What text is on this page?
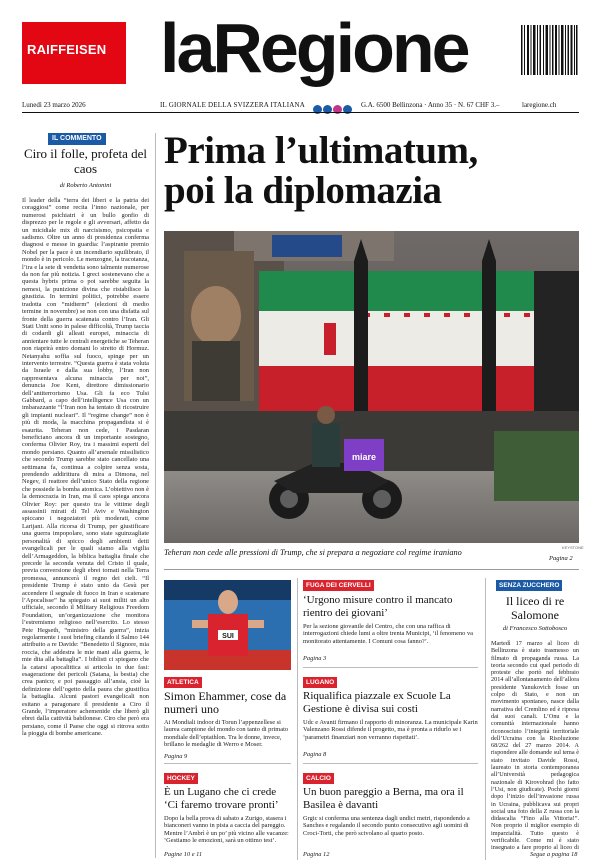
RAIFFEISEN laRegione
Lunedì 23 marzo 2026	IL GIORNALE DELLA SVIZZERA ITALIANA	G.A. 6500 Bellinzona · Anno 35 · N. 67 CHF 3.–	laregione.ch
IL COMMENTO
Ciro il folle, profeta del caos
di Roberto Antonini
Il leader della “terra dei liberi e la patria dei coraggiosi” come recita l’inno nazionale, per numerosi psichiatri è un bullo gonfio di disprezzo per le regole e gli avversari, affetto da un micidiale mix di narcisismo, psicopatia e sadismo. Oltre un anno di presidenza conferma diagnosi e messe in guardia: l’aspirante premio Nobel per la pace è un incendiario squilibrato, il mondo è in pericolo. Le menzogne, la tracotanza, l’ira e la sete di vendetta sono talmente numerose da non far più notizia. I greci sostenevano che a questa hybris prima o poi sarebbe seguita la nemesi, la punizione divina che ristabilisce la giustizia. In termini politici, potrebbe essere tradotta con “midterm” (elezioni di medio termine in novembre) se non con una disfatta sul fronte della guerra scatenata contro l’Iran. Gli Stati Uniti sono in palese difficoltà, Trump taccia di codardi gli alleati europei, minaccia di annientare tutte le centrali energetiche se Teheran non riaprirà entro domani lo stretto di Hormuz. Netanyahu soffia sul fuoco, spinge per un intervento terrestre. “Questa guerra è stata voluta da Israele e dalla sua lobby, l’Iran non rappresentava alcuna minaccia per noi”, denuncia Joe Kent, direttore dimissionario dell’antiterrorismo Usa. Gli fa eco Tulsi Gabbard, a capo dell’intelligence Usa con un imbarazzante “l’Iran non ha tentato di ricostruire gli impianti nucleari”. Il “regime change” non è più di moda, la macchina propagandista si è esaurita. Teheran non cede, i Pasdaran beneficiano ancora di un importante sostegno, conferma Olivier Roy, tra i massimi esperti del mondo persiano. Quanto all’arsenale missilistico che secondo Trump sarebbe stato cancellato una settimana fa, continua a colpire senza sosta, prendendo addirittura di mira a Dimona, nel Negev, il reattore dell’unico Stato della regione che possiede la bomba atomica. L’obiettivo non è la democrazia in Iran, ma il caos spiega ancora Olivier Roy: per questo tra le vittime degli assassinii mirati di Tel Aviv e Washington spiccano i negoziatori più moderati, come Larijani. Alla ricorsa di Trump, per giustificare una guerra impopolare, sono state sguinzagliate personalità di spicco degli ambienti detti evangelicali per le quali siamo alla vigilia dell’Armageddon, la biblica battaglia finale che precede la seconda venuta del Cristo il quale, previa conversione degli ebrei tornati nella Terra promessa, annuncerà il regno dei cieli. “Il presidente Trump è stato unto da Gesù per accendere il segnale di fuoco in Iran e scatenare l’Apocalisse” ha spiegato ai suoi militi un alto ufficiale, secondo il Military Religious Freedom Foundation, un’organizzazione che monitora l’estremismo religioso nell’esercito. Lo stesso Pete Hegseth, “ministro della guerra”, inizia regolarmente i suoi briefing citando il Salmo 144 attribuito a re Davide: “Benedetto il Signore, mia roccia, che addestra le mie mani alla guerra, le mie dita alla battaglia”. I biblisti ci spiegano che la catarsi apocalittica si articola in due fasi: esagerazione dei pericoli (Satana, la bestia) che crea panico; e poi passaggio all’ansia, cioè la definizione dell’ogetto della paura che giustifica la battaglia. Alcuni pastori evangelicali non esitano a paragonare il presidente a Ciro il Grande, l’imperatore achemenide che liberò gli ebrei dalla cattività babilonese. Ciro che però era persiano, come il Paese che oggi si ritrova sotto la pioggia di bombe americane.
Prima l’ultimatum,
poi la diplomazia
miare
KEYSTONE
Teheran non cede alle pressioni di Trump, che si prepara a negoziare col regime iraniano
Pagina 2
SUI
ATLETICA
Simon Ehammer, cose da numeri uno
Ai Mondiali indoor di Torun l’appenzellese si laurea campione del mondo con tanto di primato mondiale dell’eptathlon. Tra le donne, invece, brillano le medaglie di Werro e Moser.
Pagina 9
HOCKEY
È un Lugano che ci crede ‘Ci faremo trovare pronti’
Dopo la bella prova di sabato a Zurigo, stasera i bianconeri vanno in pista a caccia del pareggio. Mentre l’Ambrì è un po’ più vicino alle vacanze: ‘Gestiamo le emozioni, sarà un ottimo test’.
Pagine 10 e 11
FUGA DEI CERVELLI
‘Urgono misure contro il mancato rientro dei giovani’
Per la sezione giovanile del Centro, che con una raffica di interrogazioni chiede lumi a oltre trenta Municipi, ‘il fenomeno va monitorato attentamente. I Comuni cosa fanno?’.
Pagina 3
LUGANO
Riqualifica piazzale ex Scuole La Gestione è divisa sui costi
Udc e Avanti firmano il rapporto di minoranza. La municipale Karin Valenzano Rossi difende il progetto, ma è pronta a ridurlo se i ‘parametri finanziari non verranno rispettati’.
Pagina 8
CALCIO
Un buon pareggio a Berna, ma ora il Basilea è davanti
Grgic si conferma una sentenza dagli undici metri, rispondendo a Sanches e regalando il secondo punto consecutivo agli uomini di Croci-Torti, che però scivolano al quarto posto.
Pagina 12
SENZA ZUCCHERO
Il liceo di re Salomone
di Francesco Sottobosco
Martedì 17 marzo al liceo di Bellinzona è stato trasmesso un filmato di propaganda russa. La teoria secondo cui quel periodo di proteste che portò nel febbraio 2014 all’allontanamento dell’allora presidente Yanukovich fosse un colpo di Stato, e non un movimento spontaneo, nasce dalla narrativa del Cremlino ed è ripresa dai suoi canali. L’Onu e la comunità internazionale hanno riconosciuto l’integrità territoriale dell’Ucraina con la Risoluzione 68/262 del 27 marzo 2014. A rispondere alle domande sul tema è stato invitato Davide Rossi, laureato in storia contemporanea all’Università pedagogica nazionale di Kirovohrad (ho fatto l’Usi, non giudicate). Pochi giorni dopo l’inizio dell’invasione russa in Ucraina, pubblicava sui propri social una foto della Z russa con la didascalia “Fino alla Vittoria!”. Non proprio il miglior esempio di imparzialità. Tutto questo è verificabile. Come mi è stato insegnato a fare proprio al liceo di
Segue a pagina 18
